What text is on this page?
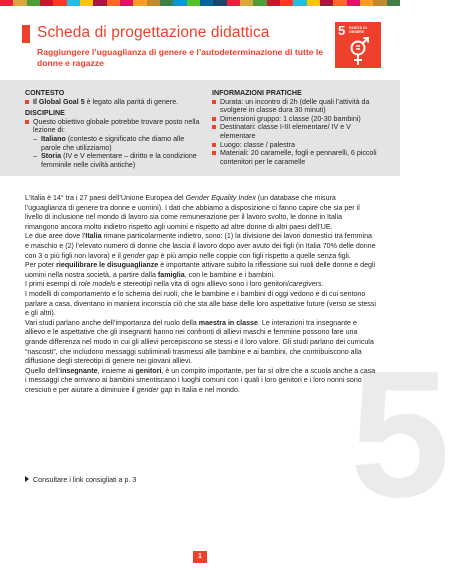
Scheda di progettazione didattica
Raggiungere l’uguaglianza di genere e l’autodeterminazione di tutte le donne e ragazze
5 PARITÀ DI GENERE
CONTESTO
Il Global Goal 5 è legato alla parità di genere.
DISCIPLINE
Questo obiettivo globale potrebbe trovare posto nella lezione di:
– Italiano (contesto e significato che diamo alle parole che utilizziamo)
– Storia (IV e V elementare – diritto e la condizione femminile nelle civiltà antiche)
INFORMAZIONI PRATICHE
Durata: un incontro di 2h (delle quali l’attività da svolgere in classe dura 30 minuti)
Dimensioni gruppo: 1 classe (20-30 bambini)
Destinatari: classe I-III elementare/ IV e V elementare
Luogo: classe / palestra
Materiali: 20 caramelle, fogli e pennarelli, 6 piccoli contenitori per le caramelle
5

L’Italia è 14° tra i 27 paesi dell’Unione Europea del Gender Equality Index (un database che misura l’uguaglianza di genere tra donne e uomini). I dati che abbiamo a disposizione ci fanno capire che sia per il livello di inclusione nel mondo di lavoro sia come remunerazione per il lavoro svolto, le donne in Italia rimangono ancora molto indietro rispetto agli uomini e rispetto ad altre donne di altri paesi dell’UE.

Le due aree dove l’Italia rimane particolarmente indietro, sono: (1) la divisione dei lavori domestici tra femmina e maschio e (2) l’elevato numero di donne che lascia il lavoro dopo aver avuto dei figli (in Italia 70% delle donne con 3 o più figli non lavora) e il gender gap è più ampio nelle coppie con figli rispetto a quelle senza figli.

Per poter riequilibrare le disuguaglianze è importante attivare subito la riflessione sui ruoli delle donne e degli uomini nella nostra società, a partire dalla famiglia, con le bambine e i bambini.

I primi esempi di role models e stereotipi nella vita di ogni allievo sono i loro genitori/caregivers.

I modelli di comportamento e lo schema dei ruoli, che le bambine e i bambini di oggi vedono e di cui sentono parlare a casa, diventano in maniera inconscia ciò che sta alle base delle loro aspettative future (verso se stessi e gli altri).

Vari studi parlano anche dell’importanza del ruolo della maestra in classe. Le interazioni tra insegnante e allievo e le aspettative che gli insegnanti hanno nei confronti di allievi maschi e femmine possono fare una grande differenza nel modo in cui gli allievi percepiscono se stessi e il loro valore. Gli studi parlano dei curricula “nascosti”, che includono messaggi subliminali trasmessi alle bambine e ai bambini, che contribuiscono alla diffusione degli stereotipi di genere nei giovani allievi.

Quello dell’insegnante, insieme ai genitori, è un compito importante, per far sì oltre che a scuola anche a casa i messaggi che arrivano ai bambini smentiscano i luoghi comuni con i quali i loro genitori e i loro nonni sono cresciuti e per aiutare a diminuire il gender gap in Italia e nel mondo.

Consultare i link consigliati a p. 3
1
